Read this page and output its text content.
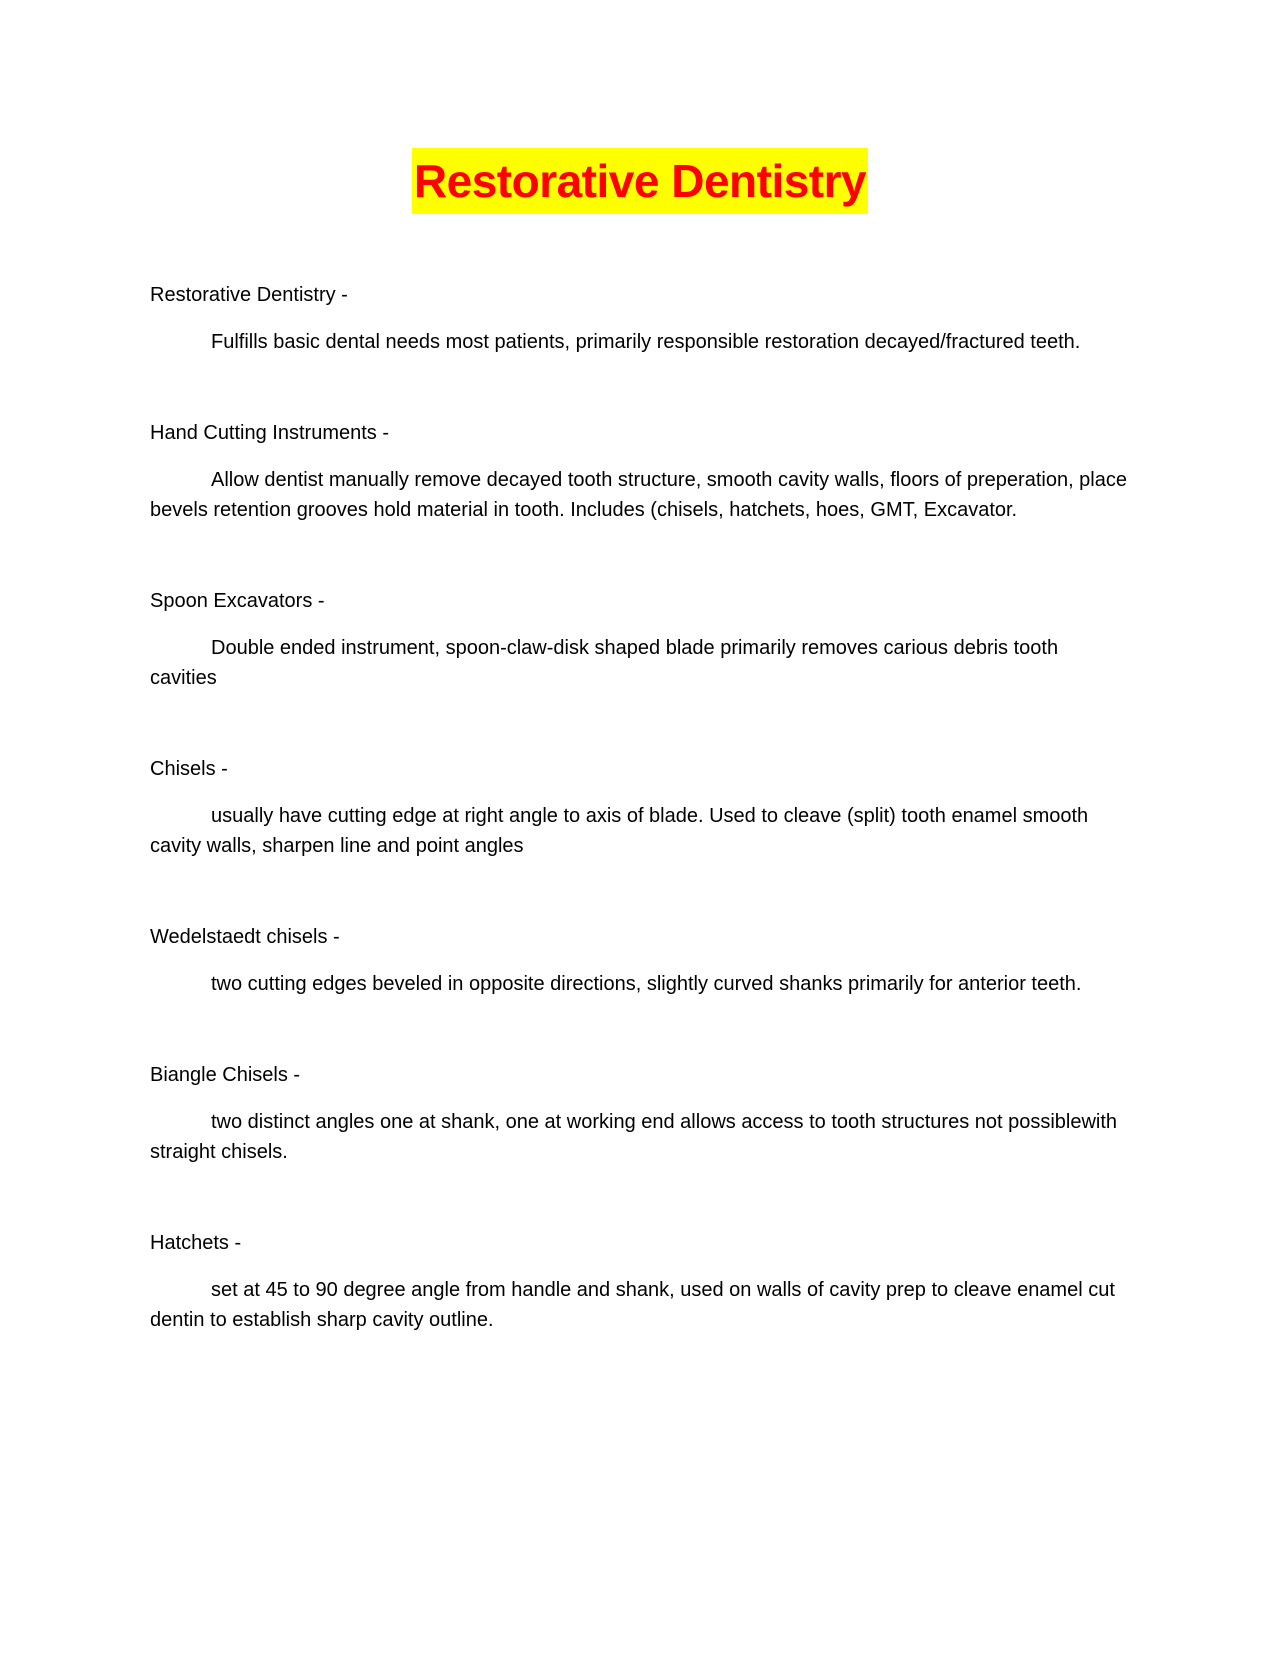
Restorative Dentistry

Restorative Dentistry -

Fulfills basic dental needs most patients, primarily responsible restoration decayed/fractured teeth.

Hand Cutting Instruments -

Allow dentist manually remove decayed tooth structure, smooth cavity walls, floors of preperation, place bevels retention grooves hold material in tooth. Includes (chisels, hatchets, hoes, GMT, Excavator.

Spoon Excavators -

Double ended instrument, spoon-claw-disk shaped blade primarily removes carious debris tooth cavities

Chisels -

usually have cutting edge at right angle to axis of blade. Used to cleave (split) tooth enamel smooth cavity walls, sharpen line and point angles

Wedelstaedt chisels -

two cutting edges beveled in opposite directions, slightly curved shanks primarily for anterior teeth.

Biangle Chisels -

two distinct angles one at shank, one at working end allows access to tooth structures not possiblewith straight chisels.

Hatchets -

set at 45 to 90 degree angle from handle and shank, used on walls of cavity prep to cleave enamel cut dentin to establish sharp cavity outline.
